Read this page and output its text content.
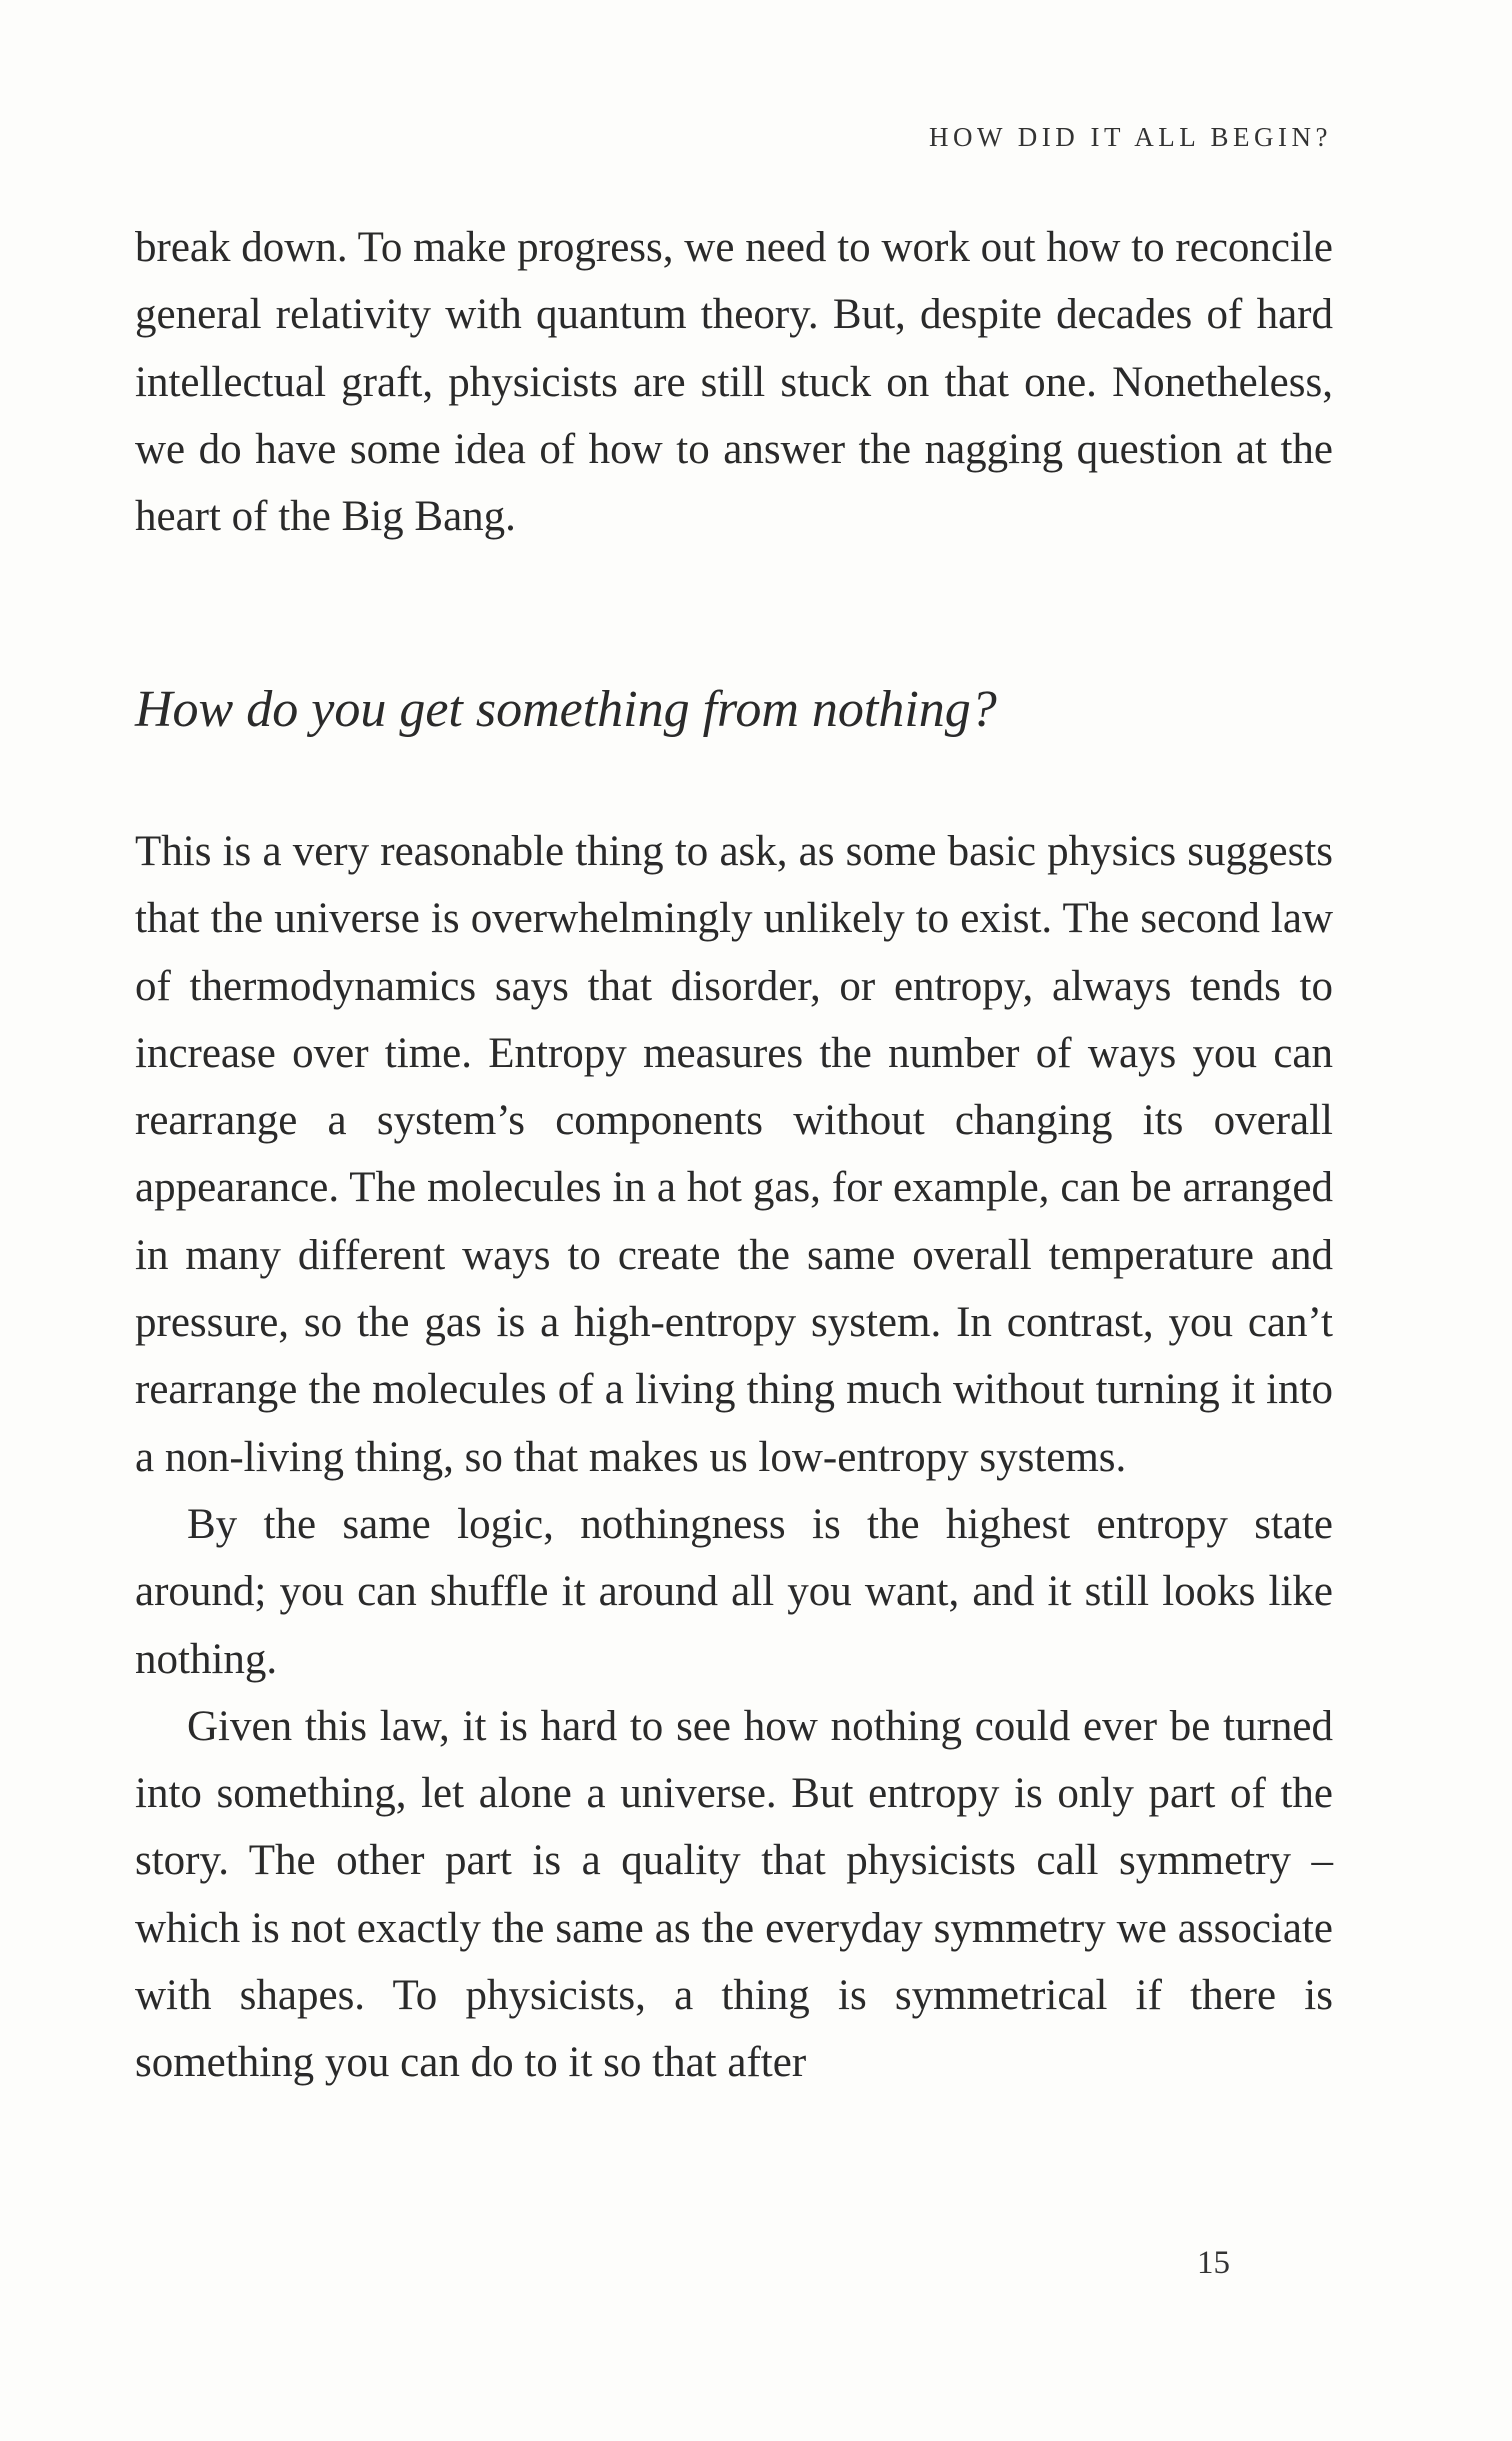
HOW DID IT ALL BEGIN?

break down. To make progress, we need to work out how to reconcile general relativity with quantum theory. But, despite decades of hard intellectual graft, physicists are still stuck on that one. Nonetheless, we do have some idea of how to answer the nagging question at the heart of the Big Bang.

How do you get something from nothing?

This is a very reasonable thing to ask, as some basic physics suggests that the universe is overwhelmingly unlikely to exist. The second law of thermodynamics says that disorder, or entropy, always tends to increase over time. Entropy measures the number of ways you can rearrange a system’s components without changing its overall appearance. The molecules in a hot gas, for example, can be arranged in many different ways to create the same overall temperature and pressure, so the gas is a high-entropy system. In contrast, you can’t rearrange the molecules of a living thing much without turning it into a non-living thing, so that makes us low-entropy systems.

By the same logic, nothingness is the highest entropy state around; you can shuffle it around all you want, and it still looks like nothing.

Given this law, it is hard to see how nothing could ever be turned into something, let alone a universe. But entropy is only part of the story. The other part is a quality that physicists call symmetry – which is not exactly the same as the everyday symmetry we associate with shapes. To physicists, a thing is symmetrical if there is something you can do to it so that after

15
